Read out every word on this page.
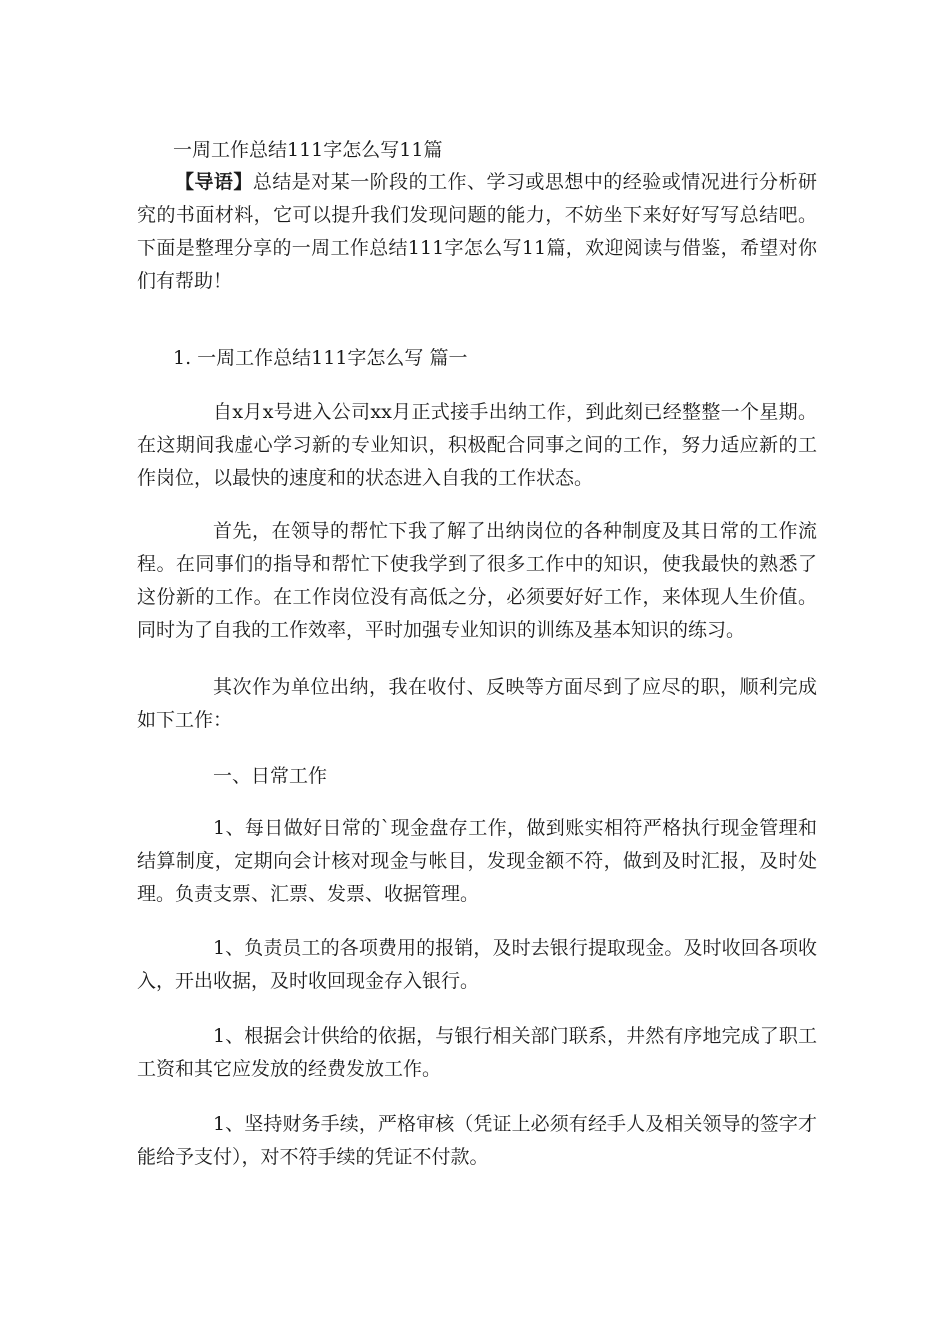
一周工作总结111字怎么写11篇
【导语】总结是对某一阶段的工作、学习或思想中的经验或情况进行分析研究的书面材料，它可以提升我们发现问题的能力，不妨坐下来好好写写总结吧。下面是整理分享的一周工作总结111字怎么写11篇，欢迎阅读与借鉴，希望对你们有帮助！
1. 一周工作总结111字怎么写 篇一
自x月x号进入公司xx月正式接手出纳工作，到此刻已经整整一个星期。在这期间我虚心学习新的专业知识，积极配合同事之间的工作，努力适应新的工作岗位，以最快的速度和的状态进入自我的工作状态。
首先，在领导的帮忙下我了解了出纳岗位的各种制度及其日常的工作流程。在同事们的指导和帮忙下使我学到了很多工作中的知识，使我最快的熟悉了这份新的工作。在工作岗位没有高低之分，必须要好好工作，来体现人生价值。同时为了自我的工作效率，平时加强专业知识的训练及基本知识的练习。
其次作为单位出纳，我在收付、反映等方面尽到了应尽的职，顺利完成如下工作：
一、日常工作
1、每日做好日常的`现金盘存工作，做到账实相符严格执行现金管理和结算制度，定期向会计核对现金与帐目，发现金额不符，做到及时汇报，及时处理。负责支票、汇票、发票、收据管理。
1、负责员工的各项费用的报销，及时去银行提取现金。及时收回各项收入，开出收据，及时收回现金存入银行。
1、根据会计供给的依据，与银行相关部门联系，井然有序地完成了职工工资和其它应发放的经费发放工作。
1、坚持财务手续，严格审核（凭证上必须有经手人及相关领导的签字才能给予支付），对不符手续的凭证不付款。
